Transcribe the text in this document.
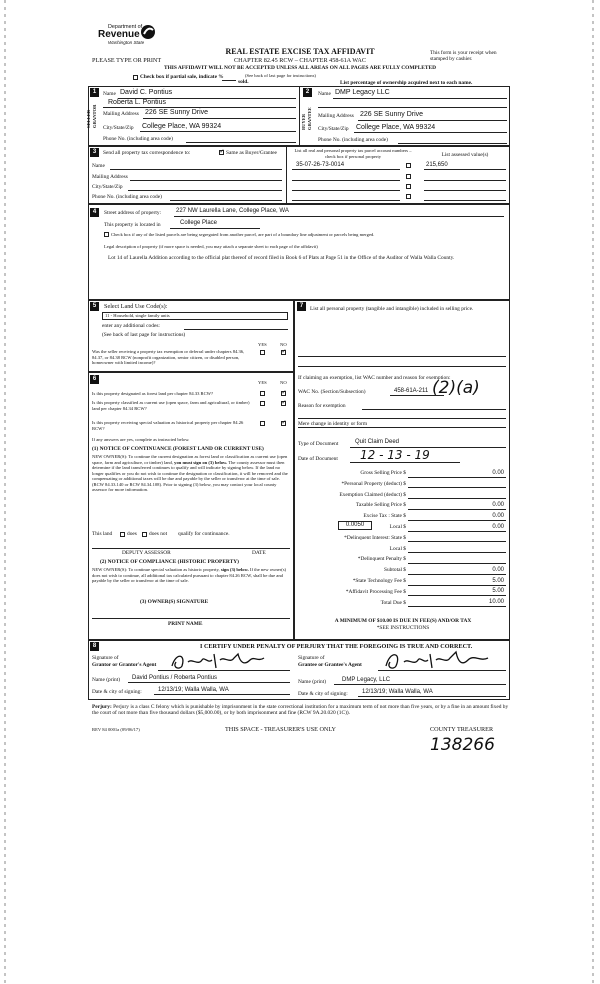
Department of
Revenue
Washington State
REAL ESTATE EXCISE TAX AFFIDAVIT
CHAPTER 82.45 RCW – CHAPTER 458-61A WAC
PLEASE TYPE OR PRINT
This form is your receipt when stamped by cashier.
THIS AFFIDAVIT WILL NOT BE ACCEPTED UNLESS ALL AREAS ON ALL PAGES ARE FULLY COMPLETED
Check box if partial sale, indicate %
sold.
(See back of last page for instructions)
List percentage of ownership acquired next to each name.
1
SELLER GRANTOR
Name David C. Pontius
Roberta L. Pontius
Mailing Address 226 SE Sunny Drive
City/State/Zip College Place, WA 99324
Phone No. (including area code)
2
BUYER GRANTEE
Name DMP Legacy LLC
Mailing Address 226 SE Sunny Drive
City/State/Zip College Place, WA 99324
Phone No. (including area code)
3	Send all property tax correspondence to:
✓	Same as Buyer/Grantee
Name
Mailing Address
City/State/Zip
Phone No. (including area code)
List all real and personal property tax parcel account numbers – check box if personal property	List assessed value(s)
35-07-26-73-0014	215,650
4	Street address of property: 227 NW Laurella Lane, College Place, WA
This property is located in	College Place
Check box if any of the listed parcels are being segregated from another parcel, are part of a boundary line adjustment or parcels being merged.
Legal description of property (if more space is needed, you may attach a separate sheet to each page of the affidavit)
Lot 14 of Laurella Addition according to the official plat thereof of record filed in Book 6 of Plats at Page 51 in the Office of the Auditor of Walla Walla County.
5	Select Land Use Code(s):
11 - Household, single family units
enter any additional codes:
(See back of last page for instructions)
YES	NO
Was the seller receiving a property tax exemption or deferral under chapters 84.36, 84.37, or 84.38 RCW (nonprofit organization, senior citizen, or disabled person, homeowner with limited income)?
✓
6
YES	NO
Is this property designated as forest land per chapter 84.33 RCW?
✓
Is this property classified as current use (open space, farm and agricultural, or timber) land per chapter 84.34 RCW?
✓
Is this property receiving special valuation as historical property per chapter 84.26 RCW?
✓
If any answers are yes, complete as instructed below.
(1) NOTICE OF CONTINUANCE (FOREST LAND OR CURRENT USE)
NEW OWNER(S): To continue the current designation as forest land or classification as current use (open space, farm and agriculture, or timber) land, you must sign on (3) below. The county assessor must then determine if the land transferred continues to qualify and will indicate by signing below. If the land no longer qualifies or you do not wish to continue the designation or classification, it will be removed and the compensating or additional taxes will be due and payable by the seller or transferor at the time of sale. (RCW 84.33.140 or RCW 84.34.108). Prior to signing (3) below, you may contact your local county assessor for more information.
This land	does does not qualify for continuance.
DEPUTY ASSESSOR	DATE
(2) NOTICE OF COMPLIANCE (HISTORIC PROPERTY)
NEW OWNER(S): To continue special valuation as historic property, sign (3) below. If the new owner(s) does not wish to continue, all additional tax calculated pursuant to chapter 84.26 RCW, shall be due and payable by the seller or transferor at the time of sale.
(3) OWNER(S) SIGNATURE
PRINT NAME
7	List all personal property (tangible and intangible) included in selling price.
If claiming an exemption, list WAC number and reason for exemption:
WAC No. (Section/Subsection)	458-61A-211 (2)(a)
Reason for exemption
Mere change in identity or form
Type of Document	Quit Claim Deed
Date of Document 12 - 13 - 19
Gross Selling Price $	0.00
*Personal Property (deduct) $
Exemption Claimed (deduct) $
Taxable Selling Price $	0.00
Excise Tax : State $	0.00
Local $	0.00
*Delinquent Interest: State $
Local $
*Delinquent Penalty $
Subtotal $	0.00
*State Technology Fee $	5.00
*Affidavit Processing Fee $	5.00
Total Due $	10.00
0.0050
A MINIMUM OF $10.00 IS DUE IN FEE(S) AND/OR TAX
*SEE INSTRUCTIONS
8	I CERTIFY UNDER PENALTY OF PERJURY THAT THE FOREGOING IS TRUE AND CORRECT.
Signature of
Grantor or Grantor's Agent
Signature of
Grantee or Grantee's Agent
Name (print) David Pontius / Roberta Pontius
Name (print)	DMP Legacy, LLC
Date & city of signing:	12/13/19; Walla Walla, WA
Date & city of signing: 12/13/19; Walla Walla, WA
Perjury: Perjury is a class C felony which is punishable by imprisonment in the state correctional institution for a maximum term of not more than five years, or by a fine in an amount fixed by the court of not more than five thousand dollars ($5,000.00), or by both imprisonment and fine (RCW 9A.20.020 (1C)).
REV 84 0001a (09/06/17)	THIS SPACE - TREASURER'S USE ONLY	COUNTY TREASURER
138266
